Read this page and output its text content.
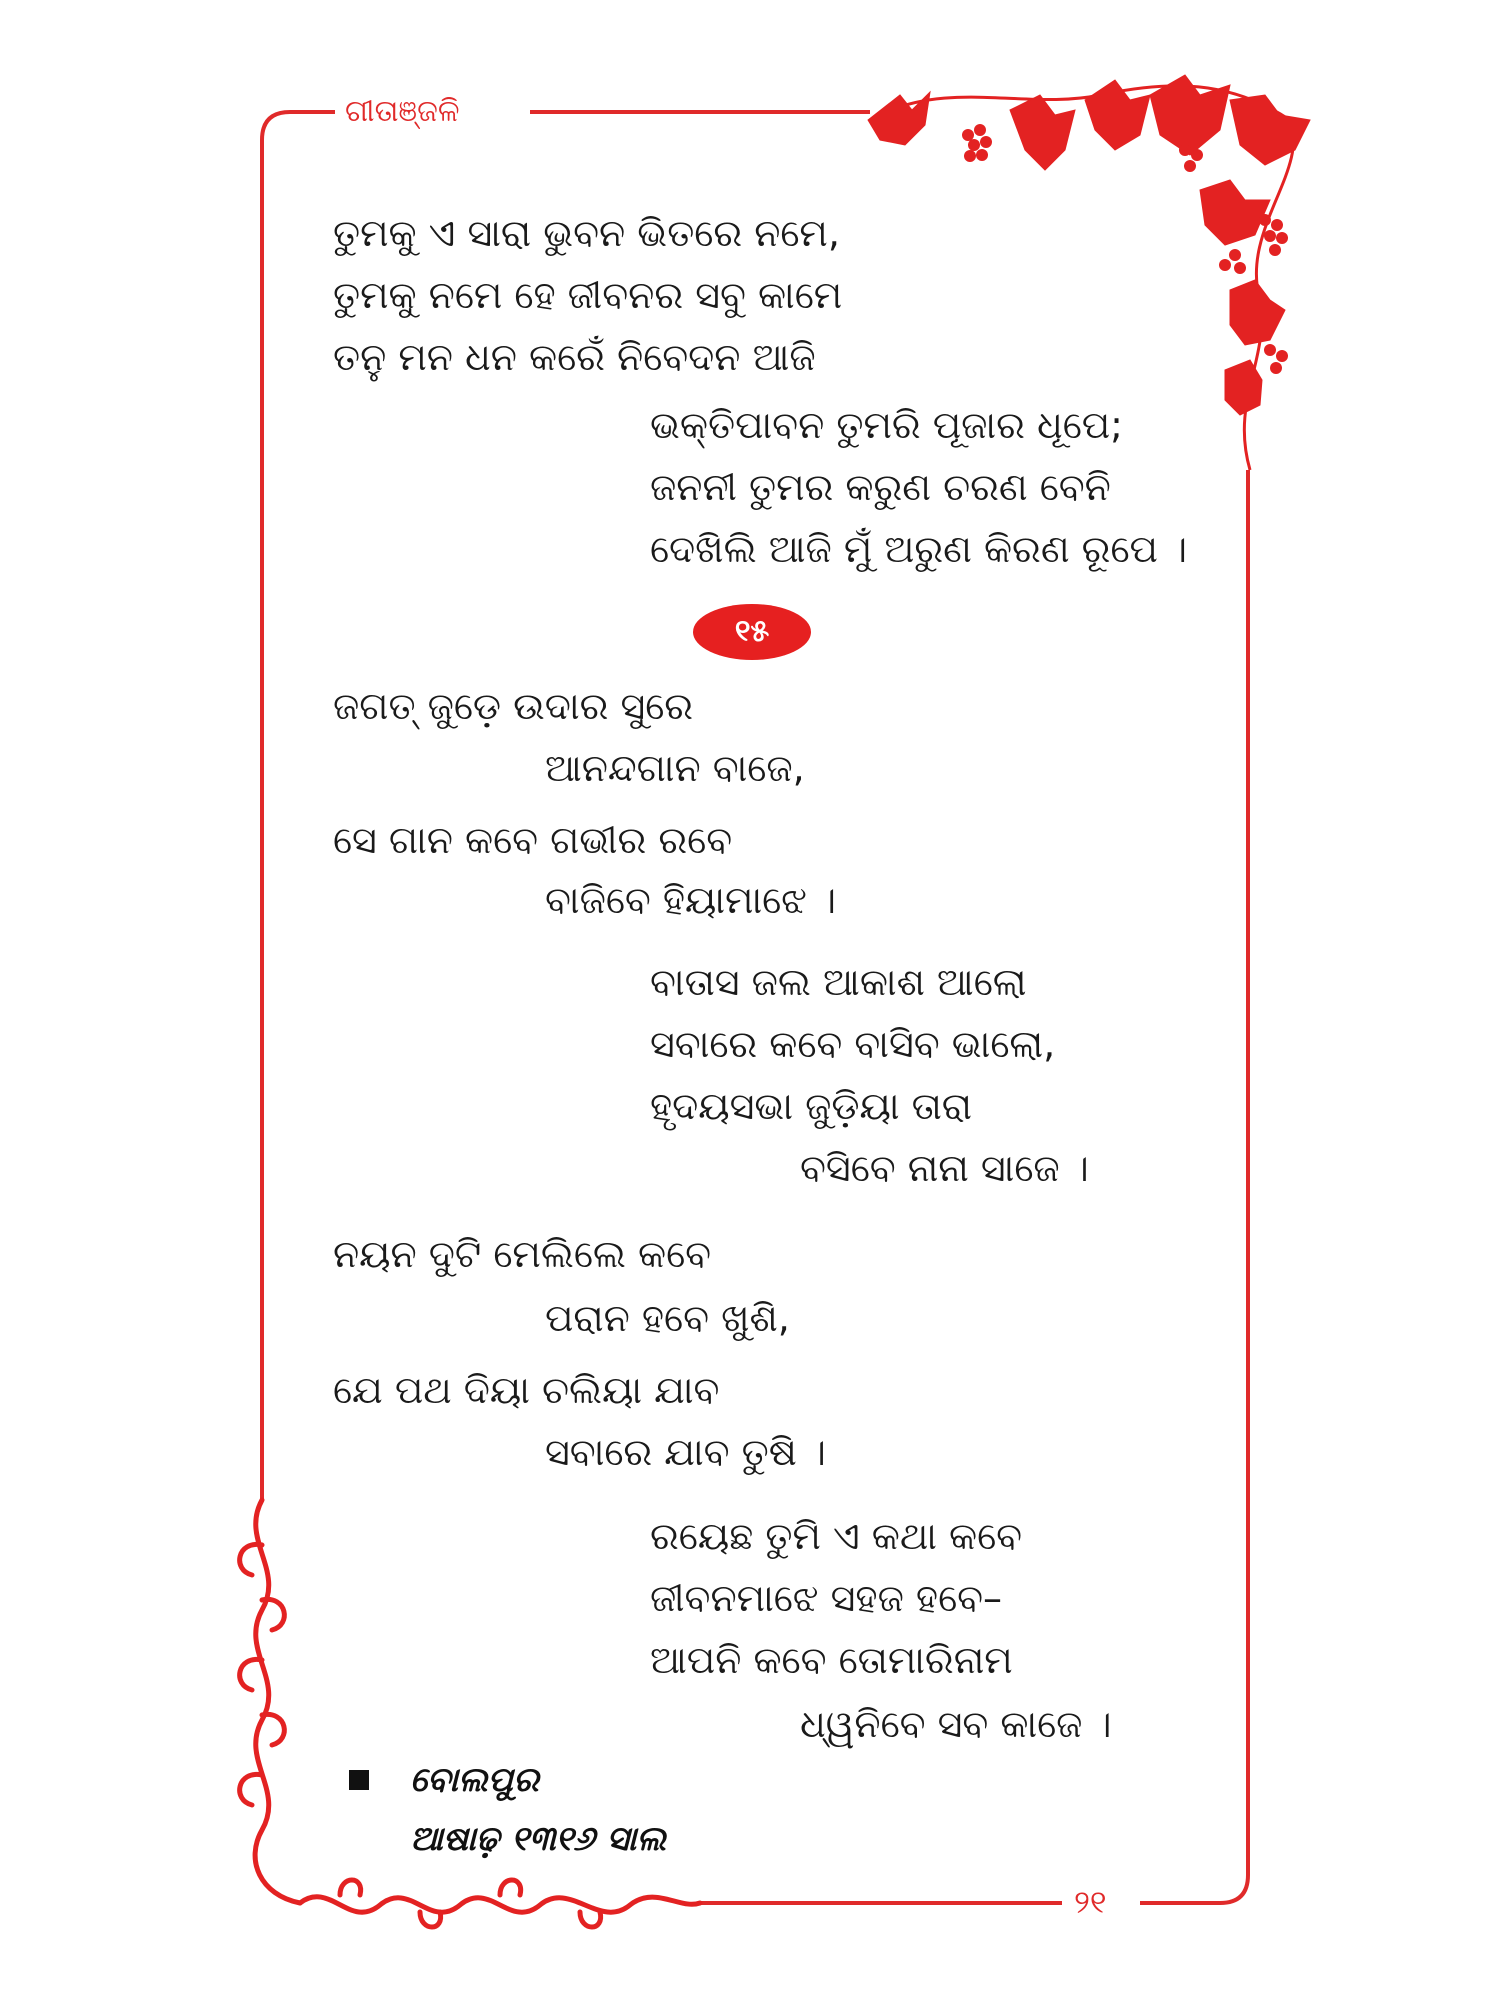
ଗୀତାଞ୍ଜଳି
ତୁମକୁ ଏ ସାରା ଭୁବନ ଭିତରେ ନମେ,
ତୁମକୁ ନମେ ହେ ଜୀବନର ସବୁ କାମେ
ତନୁ ମନ ଧନ କରେଁ ନିବେଦନ ଆଜି
ଭକ୍ତିପାବନ ତୁମରି ପୂଜାର ଧୂପେ;
ଜନନୀ ତୁମର କରୁଣ ଚରଣ ବେନି
ଦେଖିଲି ଆଜି ମୁଁ ଅରୁଣ କିରଣ ରୂପେ ।
୧୫
ଜଗତ୍ ଜୁଡ଼େ ଉଦାର ସୁରେ
ଆନନ୍ଦଗାନ ବାଜେ,
ସେ ଗାନ କବେ ଗଭୀର ରବେ
ବାଜିବେ ହିୟାମାଝେ ।
ବାତାସ ଜଲ ଆକାଶ ଆଲୋ
ସବାରେ କବେ ବାସିବ ଭାଲୋ,
ହୃଦୟସଭା ଜୁଡ଼ିୟା ତାରା
ବସିବେ ନାନା ସାଜେ ।
ନୟନ ଦୁଟି ମେଲିଲେ କବେ
ପରାନ ହବେ ଖୁଶି,
ଯେ ପଥ ଦିୟା ଚଲିୟା ଯାବ
ସବାରେ ଯାବ ତୁଷି ।
ରୟେଛ ତୁମି ଏ କଥା କବେ
ଜୀବନମାଝେ ସହଜ ହବେ–
ଆପନି କବେ ତୋମାରିନାମ
ଧ୍ୱନିବେ ସବ କାଜେ ।
ବୋଲପୁର
ଆଷାଢ଼ ୧୩୧୬ ସାଲ
୨୧
